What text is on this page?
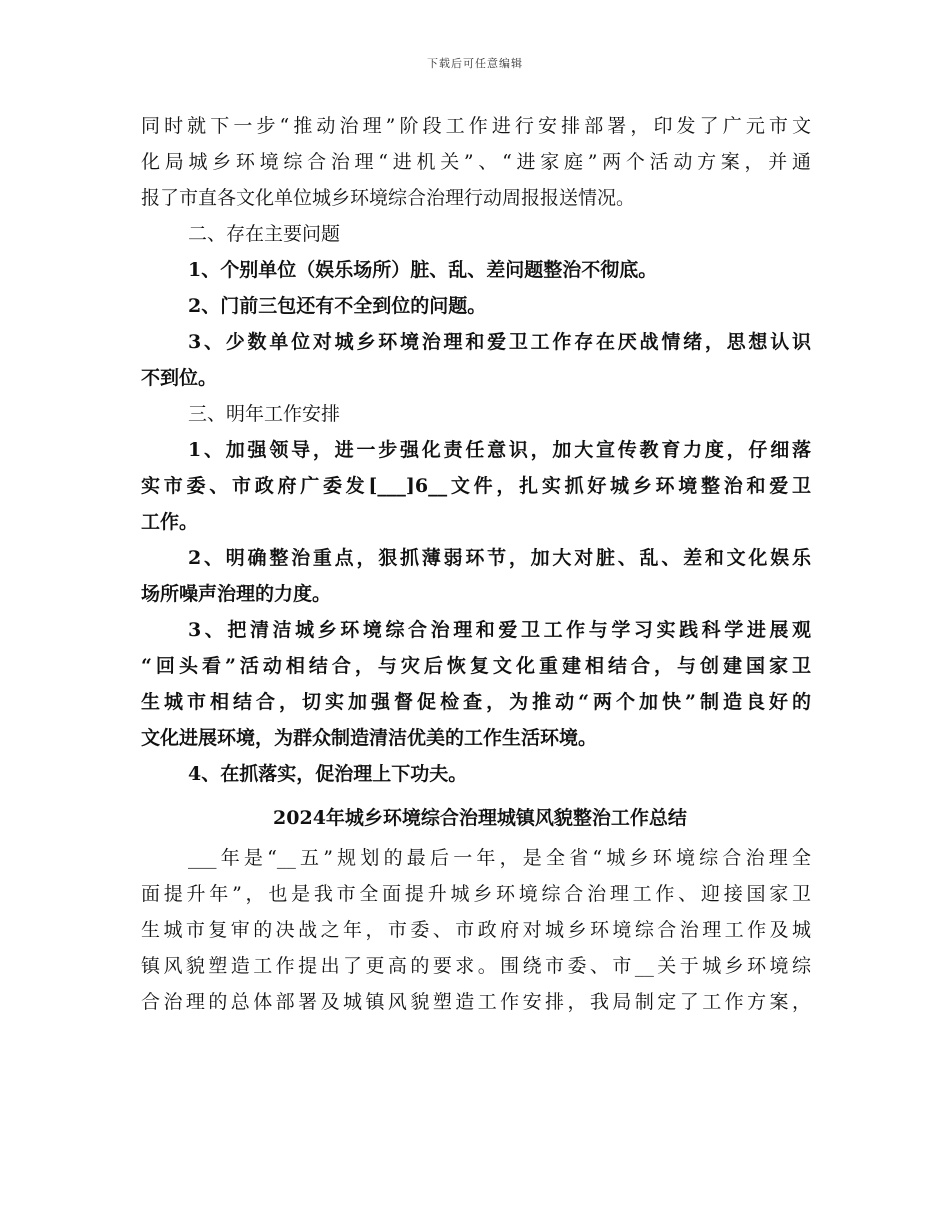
下载后可任意编辑
同时就下一步“推动治理”阶段工作进行安排部署，印发了广元市文
化局城乡环境综合治理“进机关”、“进家庭”两个活动方案，并通
报了市直各文化单位城乡环境综合治理行动周报报送情况。
二、存在主要问题
1、个别单位（娱乐场所）脏、乱、差问题整治不彻底。
2、门前三包还有不全到位的问题。
3、少数单位对城乡环境治理和爱卫工作存在厌战情绪，思想认识
不到位。
三、明年工作安排
1、加强领导，进一步强化责任意识，加大宣传教育力度，仔细落
实市委、市政府广委发[___]6__文件，扎实抓好城乡环境整治和爱卫
工作。
2、明确整治重点，狠抓薄弱环节，加大对脏、乱、差和文化娱乐
场所噪声治理的力度。
3、把清洁城乡环境综合治理和爱卫工作与学习实践科学进展观
“回头看”活动相结合，与灾后恢复文化重建相结合，与创建国家卫
生城市相结合，切实加强督促检查，为推动“两个加快”制造良好的
文化进展环境，为群众制造清洁优美的工作生活环境。
4、在抓落实，促治理上下功夫。
2024年城乡环境综合治理城镇风貌整治工作总结
___年是“__五”规划的最后一年，是全省“城乡环境综合治理全
面提升年”，也是我市全面提升城乡环境综合治理工作、迎接国家卫
生城市复审的决战之年，市委、市政府对城乡环境综合治理工作及城
镇风貌塑造工作提出了更高的要求。围绕市委、市__关于城乡环境综
合治理的总体部署及城镇风貌塑造工作安排，我局制定了工作方案，
